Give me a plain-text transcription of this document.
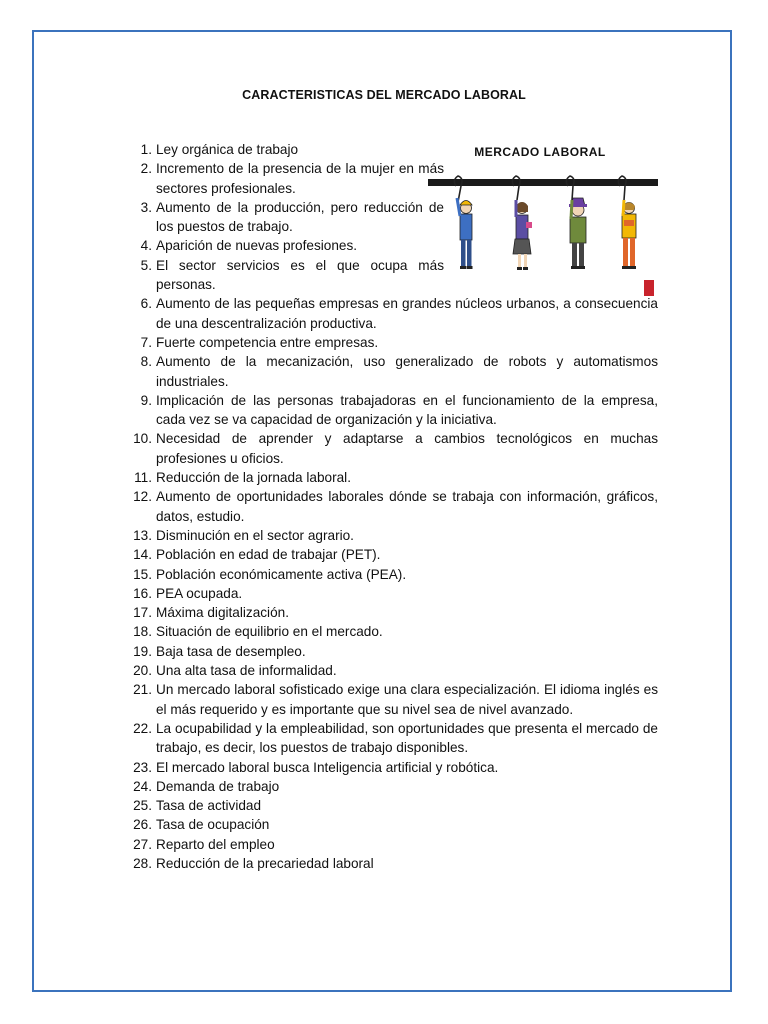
CARACTERISTICAS DEL MERCADO LABORAL
MERCADO LABORAL
1. Ley orgánica de trabajo
2. Incremento de la presencia de la mujer en más sectores profesionales.
3. Aumento de la producción, pero reducción de los puestos de trabajo.
4. Aparición de nuevas profesiones.
5. El sector servicios es el que ocupa más personas.
6. Aumento de las pequeñas empresas en grandes núcleos urbanos, a consecuencia de una descentralización productiva.
7. Fuerte competencia entre empresas.
8. Aumento de la mecanización, uso generalizado de robots y automatismos industriales.
9. Implicación de las personas trabajadoras en el funcionamiento de la empresa, cada vez se va capacidad de organización y la iniciativa.
10. Necesidad de aprender y adaptarse a cambios tecnológicos en muchas profesiones u oficios.
11. Reducción de la jornada laboral.
12. Aumento de oportunidades laborales dónde se trabaja con información, gráficos, datos, estudio.
13. Disminución en el sector agrario.
14. Población en edad de trabajar (PET).
15. Población económicamente activa (PEA).
16. PEA ocupada.
17. Máxima digitalización.
18. Situación de equilibrio en el mercado.
19. Baja tasa de desempleo.
20. Una alta tasa de informalidad.
21. Un mercado laboral sofisticado exige una clara especialización. El idioma inglés es el más requerido y es importante que su nivel sea de nivel avanzado.
22. La ocupabilidad y la empleabilidad, son oportunidades que presenta el mercado de trabajo, es decir, los puestos de trabajo disponibles.
23. El mercado laboral busca Inteligencia artificial y robótica.
24. Demanda de trabajo
25. Tasa de actividad
26. Tasa de ocupación
27. Reparto del empleo
28. Reducción de la precariedad laboral
